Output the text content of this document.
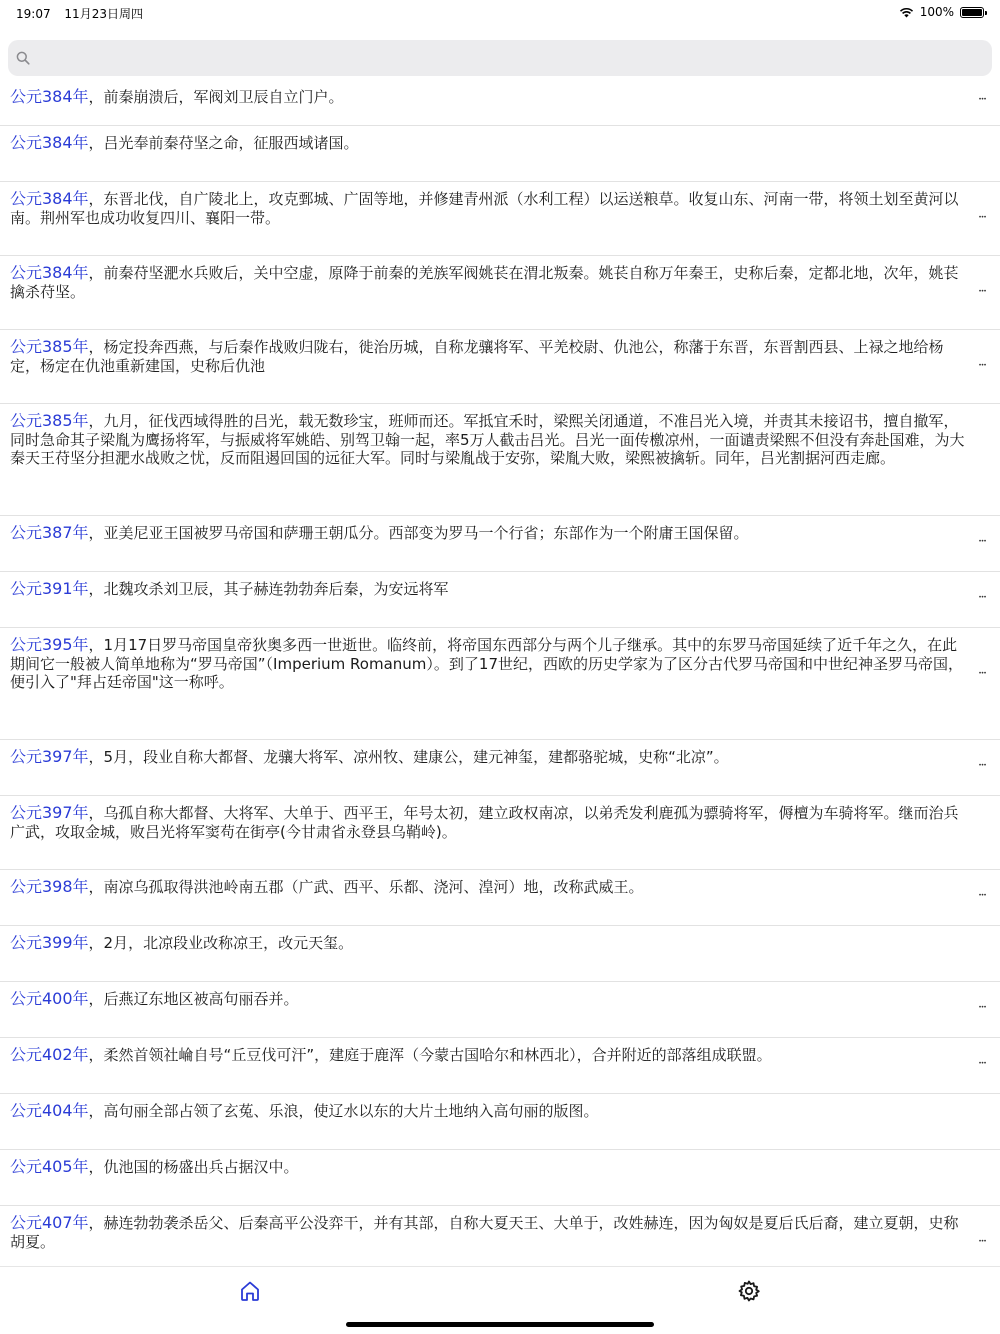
19:07 11月23日周四	100%
公元384年，前秦崩溃后，军阀刘卫辰自立门户。	•••
公元384年，吕光奉前秦苻坚之命，征服西域诸国。
公元384年，东晋北伐，自广陵北上，攻克鄄城、广固等地，并修建青州派（水利工程）以运送粮草。收复山东、河南一带，将领土划至黄河以南。荆州军也成功收复四川、襄阳一带。	•••
公元384年，前秦苻坚淝水兵败后，关中空虚，原降于前秦的羌族军阀姚苌在渭北叛秦。姚苌自称万年秦王，史称后秦，定都北地，次年，姚苌擒杀苻坚。	•••
公元385年，杨定投奔西燕，与后秦作战败归陇右，徙治历城，自称龙骧将军、平羌校尉、仇池公，称藩于东晋，东晋割西县、上禄之地给杨定，杨定在仇池重新建国，史称后仇池	•••
公元385年，九月，征伐西域得胜的吕光，载无数珍宝，班师而还。军抵宜禾时，梁熙关闭通道，不准吕光入境，并责其未接诏书，擅自撤军，同时急命其子梁胤为鹰扬将军，与振威将军姚皓、别驾卫翰一起，率5万人截击吕光。吕光一面传檄凉州，一面谴责梁熙不但没有奔赴国难，为大秦天王苻坚分担淝水战败之忧，反而阻遏回国的远征大军。同时与梁胤战于安弥，梁胤大败，梁熙被擒斩。同年，吕光割据河西走廊。
公元387年，亚美尼亚王国被罗马帝国和萨珊王朝瓜分。西部变为罗马一个行省；东部作为一个附庸王国保留。	•••
公元391年，北魏攻杀刘卫辰，其子赫连勃勃奔后秦，为安远将军	•••
公元395年，1月17日罗马帝国皇帝狄奥多西一世逝世。临终前，将帝国东西部分与两个儿子继承。其中的东罗马帝国延续了近千年之久，在此期间它一般被人简单地称为“罗马帝国”（Imperium Romanum）。到了17世纪，西欧的历史学家为了区分古代罗马帝国和中世纪神圣罗马帝国，便引入了"拜占廷帝国"这一称呼。	•••
公元397年，5月，段业自称大都督、龙骧大将军、凉州牧、建康公，建元神玺，建都骆驼城，史称“北凉”。	•••
公元397年，乌孤自称大都督、大将军、大单于、西平王，年号太初，建立政权南凉，以弟秃发利鹿孤为骠骑将军，傉檀为车骑将军。继而治兵广武，攻取金城，败吕光将军窦苟在街亭(今甘肃省永登县乌鞘岭)。
公元398年，南凉乌孤取得洪池岭南五郡（广武、西平、乐都、浇河、湟河）地，改称武威王。	•••
公元399年，2月，北凉段业改称凉王，改元天玺。
公元400年，后燕辽东地区被高句丽吞并。	•••
公元402年，柔然首领社崘自号“丘豆伐可汗”，建庭于鹿浑（今蒙古国哈尔和林西北），合并附近的部落组成联盟。	•••
公元404年，高句丽全部占领了玄菟、乐浪，使辽水以东的大片土地纳入高句丽的版图。
公元405年，仇池国的杨盛出兵占据汉中。
公元407年，赫连勃勃袭杀岳父、后秦高平公没弈干，并有其部，自称大夏天王、大单于，改姓赫连，因为匈奴是夏后氏后裔，建立夏朝，史称胡夏。	•••
